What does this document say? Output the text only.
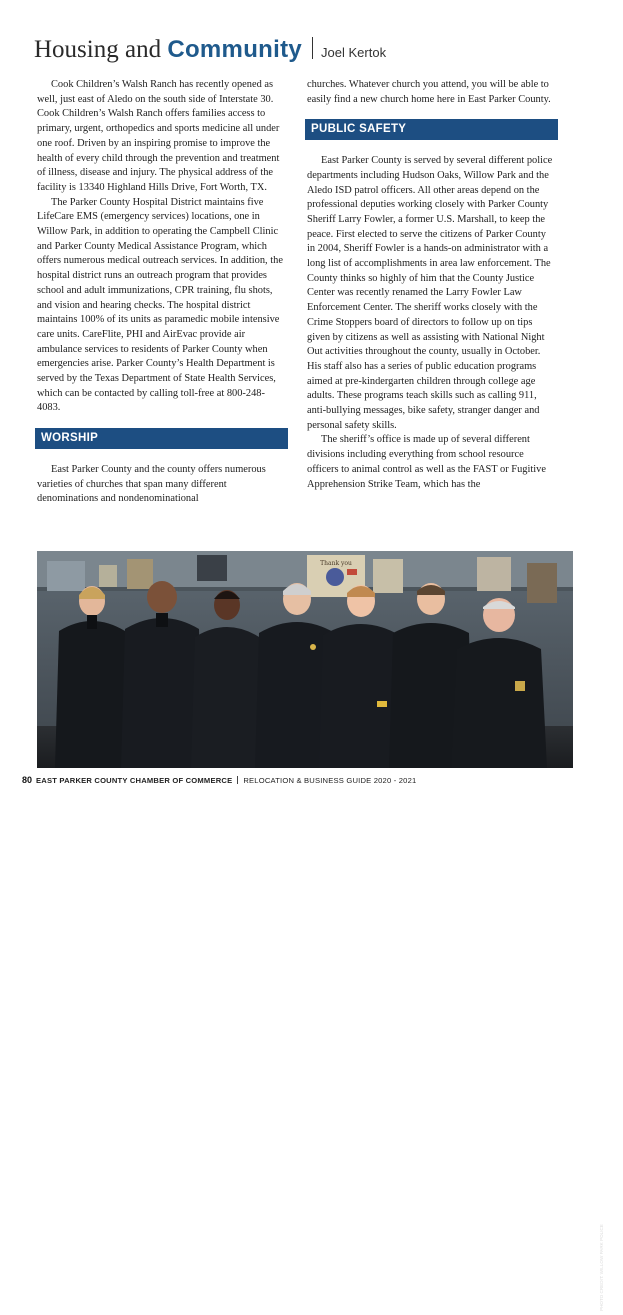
Housing and Community Joel Kertok

Cook Children’s Walsh Ranch has recently opened as well, just east of Aledo on the south side of Interstate 30. Cook Children’s Walsh Ranch offers families access to primary, urgent, orthopedics and sports medicine all under one roof. Driven by an inspiring promise to improve the health of every child through the prevention and treatment of illness, disease and injury. The physical address of the facility is 13340 Highland Hills Drive, Fort Worth, TX.

The Parker County Hospital District maintains five LifeCare EMS (emergency services) locations, one in Willow Park, in addition to operating the Campbell Clinic and Parker County Medical Assistance Program, which offers numerous medical outreach services. In addition, the hospital district runs an outreach program that provides school and adult immunizations, CPR training, flu shots, and vision and hearing checks. The hospital district maintains 100% of its units as paramedic mobile intensive care units. CareFlite, PHI and AirEvac provide air ambulance services to residents of Parker County when emergencies arise. Parker County’s Health Department is served by the Texas Department of State Health Services, which can be contacted by calling toll-free at 800-248-4083.

WORSHIP

East Parker County and the county offers numerous varieties of churches that span many different denominations and nondenominational

churches. Whatever church you attend, you will be able to easily find a new church home here in East Parker County.

PUBLIC SAFETY

East Parker County is served by several different police departments including Hudson Oaks, Willow Park and the Aledo ISD patrol officers. All other areas depend on the professional deputies working closely with Parker County Sheriff Larry Fowler, a former U.S. Marshall, to keep the peace. First elected to serve the citizens of Parker County in 2004, Sheriff Fowler is a hands-on administrator with a long list of accomplishments in area law enforcement. The County thinks so highly of him that the County Justice Center was recently renamed the Larry Fowler Law Enforcement Center. The sheriff works closely with the Crime Stoppers board of directors to follow up on tips given by citizens as well as assisting with National Night Out activities throughout the county, usually in October. His staff also has a series of public education programs aimed at pre-kindergarten children through college age adults. These programs teach skills such as calling 911, anti-bullying messages, bike safety, stranger danger and personal safety skills.

The sheriff’s office is made up of several different divisions including everything from school resource officers to animal control as well as the FAST or Fugitive Apprehension Strike Team, which has the

Thank you
PHOTO CREDIT: WILLOW PARK POLICE
80 EAST PARKER COUNTY CHAMBER OF COMMERCE RELOCATION & BUSINESS GUIDE 2020 - 2021
